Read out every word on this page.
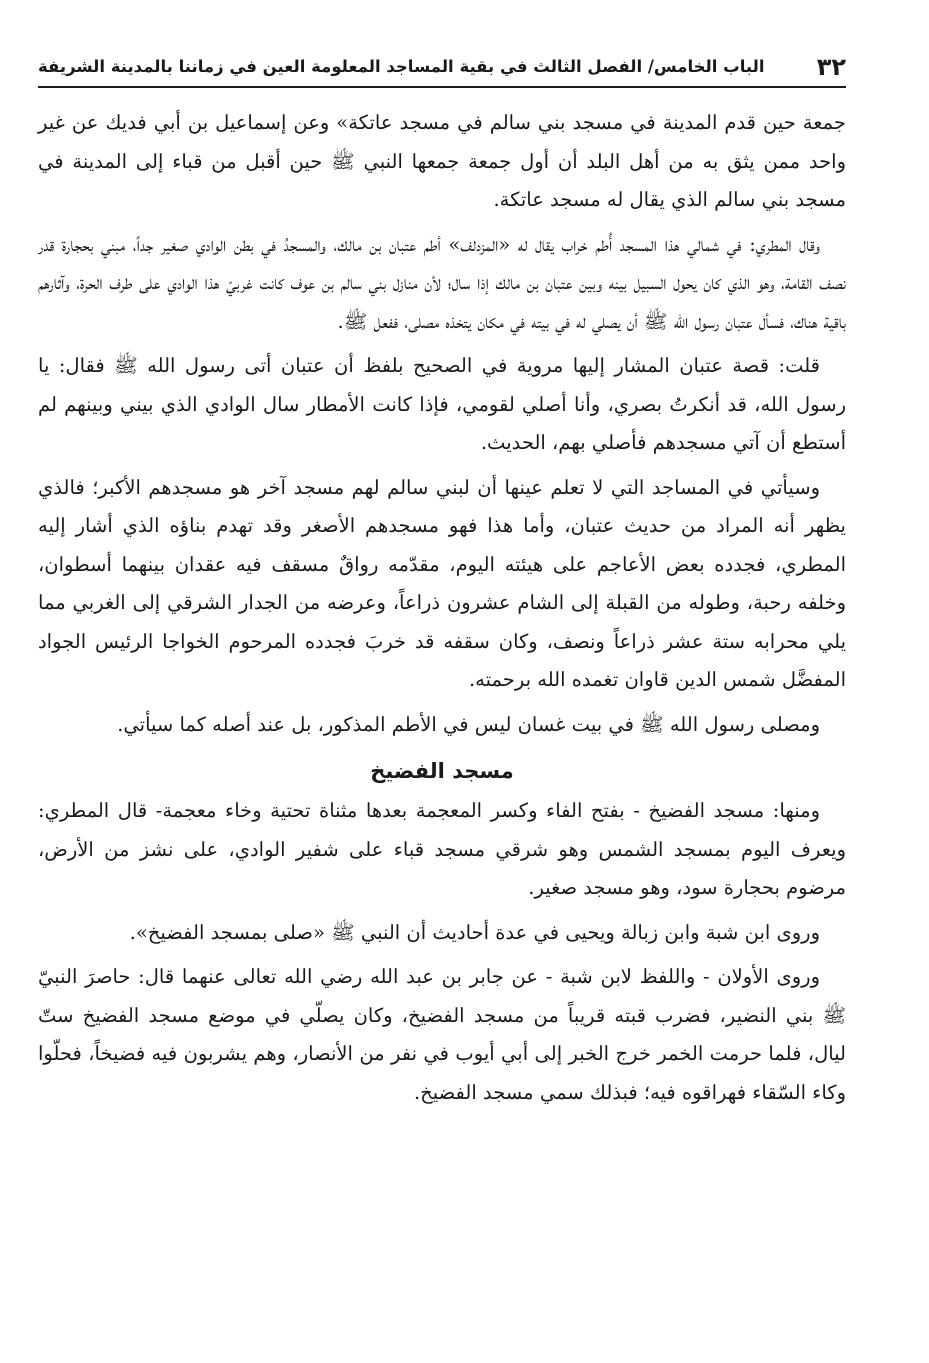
٣٢
الباب الخامس/ الفصل الثالث في بقية المساجد المعلومة العين في زماننا بالمدينة الشريفة

جمعة حين قدم المدينة في مسجد بني سالم في مسجد عاتكة» وعن إسماعيل بن أبي فديك عن غير واحد ممن يثق به من أهل البلد أن أول جمعة جمعها النبي ﷺ حين أقبل من قباء إلى المدينة في مسجد بني سالم الذي يقال له مسجد عاتكة.

وقال المطري: في شمالي هذا المسجد أُطم خراب يقال له «المزدلف» أطم عتبان بن مالك، والمسجدُ في بطن الوادي صغير جداً، مبني بحجارة قدر نصف القامة، وهو الذي كان يحول السبيل بينه وبين عتبان بن مالك إذا سال؛ لأن منازل بني سالم بن عوف كانت غربيّ هذا الوادي على طرف الحرة، وآثارهم باقية هناك، فسأل عتبان رسول الله ﷺ أن يصلي له في بيته في مكان يتخذه مصلى، ففعل ﷺ.

قلت: قصة عتبان المشار إليها مروية في الصحيح بلفظ أن عتبان أتى رسول الله ﷺ فقال: يا رسول الله، قد أنكرتُ بصري، وأنا أصلي لقومي، فإذا كانت الأمطار سال الوادي الذي بيني وبينهم لم أستطع أن آتي مسجدهم فأصلي بهم، الحديث.

وسيأتي في المساجد التي لا تعلم عينها أن لبني سالم لهم مسجد آخر هو مسجدهم الأكبر؛ فالذي يظهر أنه المراد من حديث عتبان، وأما هذا فهو مسجدهم الأصغر وقد تهدم بناؤه الذي أشار إليه المطري، فجدده بعض الأعاجم على هيئته اليوم، مقدّمه رواقٌ مسقف فيه عقدان بينهما أسطوان، وخلفه رحبة، وطوله من القبلة إلى الشام عشرون ذراعاً، وعرضه من الجدار الشرقي إلى الغربي مما يلي محرابه ستة عشر ذراعاً ونصف، وكان سقفه قد خربَ فجدده المرحوم الخواجا الرئيس الجواد المفضَّل شمس الدين قاوان تغمده الله برحمته.

ومصلى رسول الله ﷺ في بيت غسان ليس في الأطم المذكور، بل عند أصله كما سيأتي.

مسجد الفضيخ

ومنها: مسجد الفضيخ - بفتح الفاء وكسر المعجمة بعدها مثناة تحتية وخاء معجمة- قال المطري: ويعرف اليوم بمسجد الشمس وهو شرقي مسجد قباء على شفير الوادي، على نشز من الأرض، مرضوم بحجارة سود، وهو مسجد صغير.

وروى ابن شبة وابن زبالة ويحيى في عدة أحاديث أن النبي ﷺ «صلى بمسجد الفضيخ».

وروى الأولان - واللفظ لابن شبة - عن جابر بن عبد الله رضي الله تعالى عنهما قال: حاصرَ النبيّ ﷺ بني النضير، فضرب قبته قريباً من مسجد الفضيخ، وكان يصلّي في موضع مسجد الفضيخ ستّ ليال، فلما حرمت الخمر خرج الخبر إلى أبي أيوب في نفر من الأنصار، وهم يشربون فيه فضيخاً، فحلّوا وكاء السّقاء فهراقوه فيه؛ فبذلك سمي مسجد الفضيخ.
